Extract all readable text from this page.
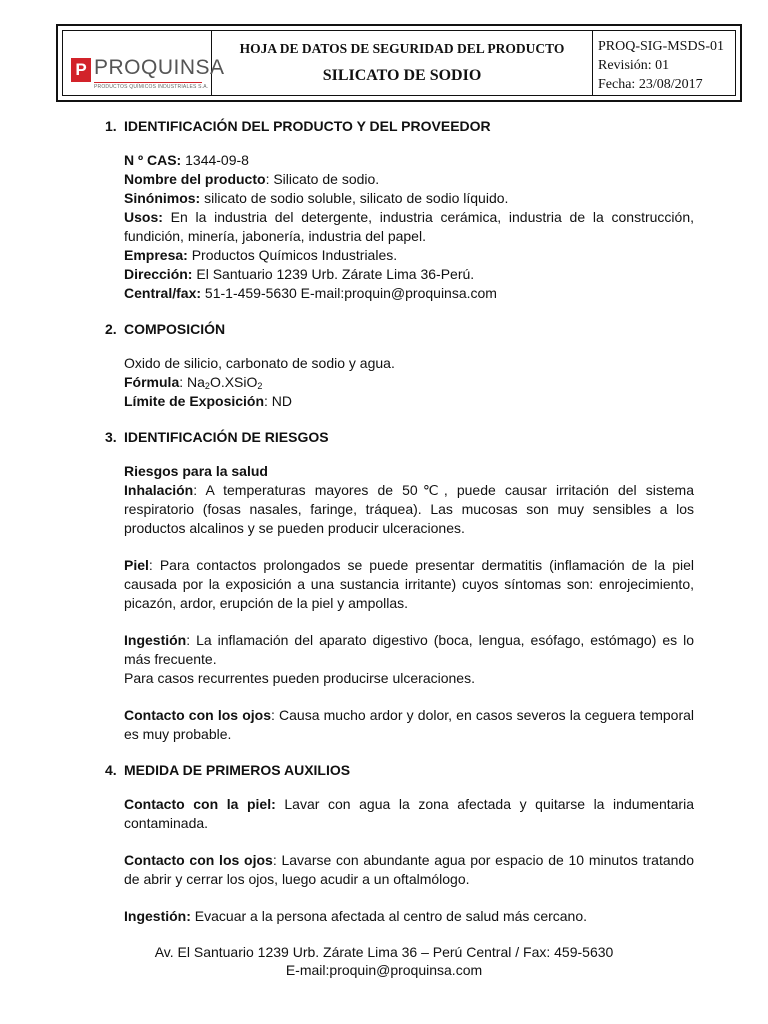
P PROQUINSA
PRODUCTOS QUÍMICOS INDUSTRIALES S.A.
HOJA DE DATOS DE SEGURIDAD DEL PRODUCTO
SILICATO DE SODIO
PROQ-SIG-MSDS-01
Revisión: 01
Fecha: 23/08/2017
1. IDENTIFICACIÓN DEL PRODUCTO Y DEL PROVEEDOR

N º CAS: 1344-09-8

Nombre del producto: Silicato de sodio.

Sinónimos: silicato de sodio soluble, silicato de sodio líquido.

Usos: En la industria del detergente, industria cerámica, industria de la construcción, fundición, minería, jabonería, industria del papel.

Empresa: Productos Químicos Industriales.

Dirección: El Santuario 1239 Urb. Zárate Lima 36-Perú.

Central/fax: 51-1-459-5630 E-mail:proquin@proquinsa.com

2. COMPOSICIÓN

Oxido de silicio, carbonato de sodio y agua.

Fórmula: $Na_2O.XSiO_2$

Límite de Exposición: ND

3. IDENTIFICACIÓN DE RIESGOS

Riesgos para la salud

Inhalación: A temperaturas mayores de 50℃, puede causar irritación del sistema respiratorio (fosas nasales, faringe, tráquea). Las mucosas son muy sensibles a los productos alcalinos y se pueden producir ulceraciones.

Piel: Para contactos prolongados se puede presentar dermatitis (inflamación de la piel causada por la exposición a una sustancia irritante) cuyos síntomas son: enrojecimiento, picazón, ardor, erupción de la piel y ampollas.

Ingestión: La inflamación del aparato digestivo (boca, lengua, esófago, estómago) es lo más frecuente.

Para casos recurrentes pueden producirse ulceraciones.

Contacto con los ojos: Causa mucho ardor y dolor, en casos severos la ceguera temporal es muy probable.

4. MEDIDA DE PRIMEROS AUXILIOS

Contacto con la piel: Lavar con agua la zona afectada y quitarse la indumentaria contaminada.

Contacto con los ojos: Lavarse con abundante agua por espacio de 10 minutos tratando de abrir y cerrar los ojos, luego acudir a un oftalmólogo.

Ingestión: Evacuar a la persona afectada al centro de salud más cercano.

Av. El Santuario 1239 Urb. Zárate Lima 36 – Perú Central / Fax: 459-5630
E-mail:proquin@proquinsa.com
